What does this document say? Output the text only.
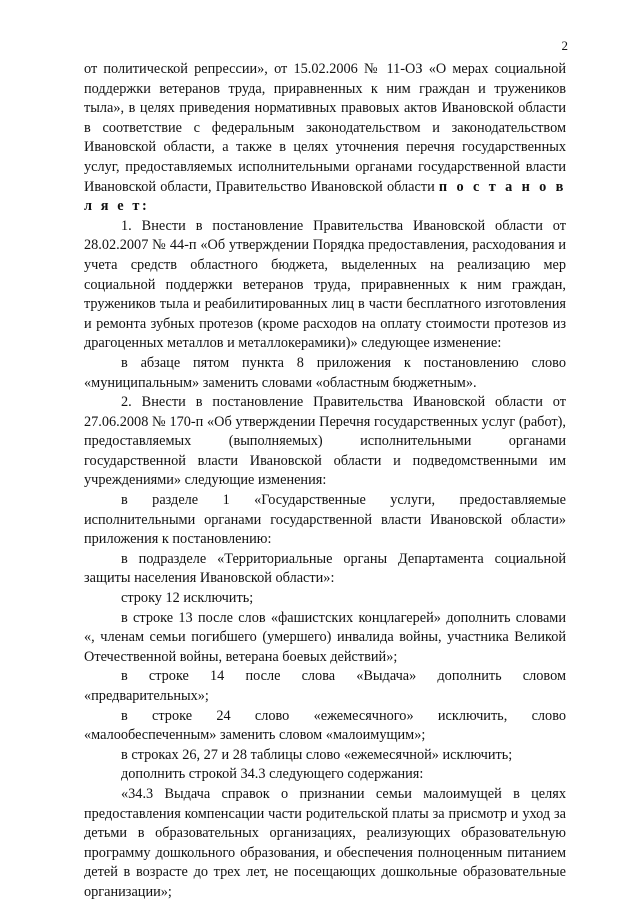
2

от политической репрессии», от 15.02.2006 № 11-ОЗ «О мерах социальной поддержки ветеранов труда, приравненных к ним граждан и тружеников тыла», в целях приведения нормативных правовых актов Ивановской области в соответствие с федеральным законодательством и законодательством Ивановской области, а также в целях уточнения перечня государственных услуг, предоставляемых исполнительными органами государственной власти Ивановской области, Правительство Ивановской области п о с т а н о в л я е т:

1. Внести в постановление Правительства Ивановской области от 28.02.2007 № 44-п «Об утверждении Порядка предоставления, расходования и учета средств областного бюджета, выделенных на реализацию мер социальной поддержки ветеранов труда, приравненных к ним граждан, тружеников тыла и реабилитированных лиц в части бесплатного изготовления и ремонта зубных протезов (кроме расходов на оплату стоимости протезов из драгоценных металлов и металлокерамики)» следующее изменение:

в абзаце пятом пункта 8 приложения к постановлению слово «муниципальным» заменить словами «областным бюджетным».

2. Внести в постановление Правительства Ивановской области от 27.06.2008 № 170-п «Об утверждении Перечня государственных услуг (работ), предоставляемых (выполняемых) исполнительными органами государственной власти Ивановской области и подведомственными им учреждениями» следующие изменения:

в разделе 1 «Государственные услуги, предоставляемые исполнительными органами государственной власти Ивановской области» приложения к постановлению:

в подразделе «Территориальные органы Департамента социальной защиты населения Ивановской области»:

строку 12 исключить;

в строке 13 после слов «фашистских концлагерей» дополнить словами «, членам семьи погибшего (умершего) инвалида войны, участника Великой Отечественной войны, ветерана боевых действий»;

в строке 14 после слова «Выдача» дополнить словом «предварительных»;

в строке 24 слово «ежемесячного» исключить, слово «малообеспеченным» заменить словом «малоимущим»;

в строках 26, 27 и 28 таблицы слово «ежемесячной» исключить;

дополнить строкой 34.3 следующего содержания:

«34.3 Выдача справок о признании семьи малоимущей в целях предоставления компенсации части родительской платы за присмотр и уход за детьми в образовательных организациях, реализующих образовательную программу дошкольного образования, и обеспечения полноценным питанием детей в возрасте до трех лет, не посещающих дошкольные образовательные организации»;
